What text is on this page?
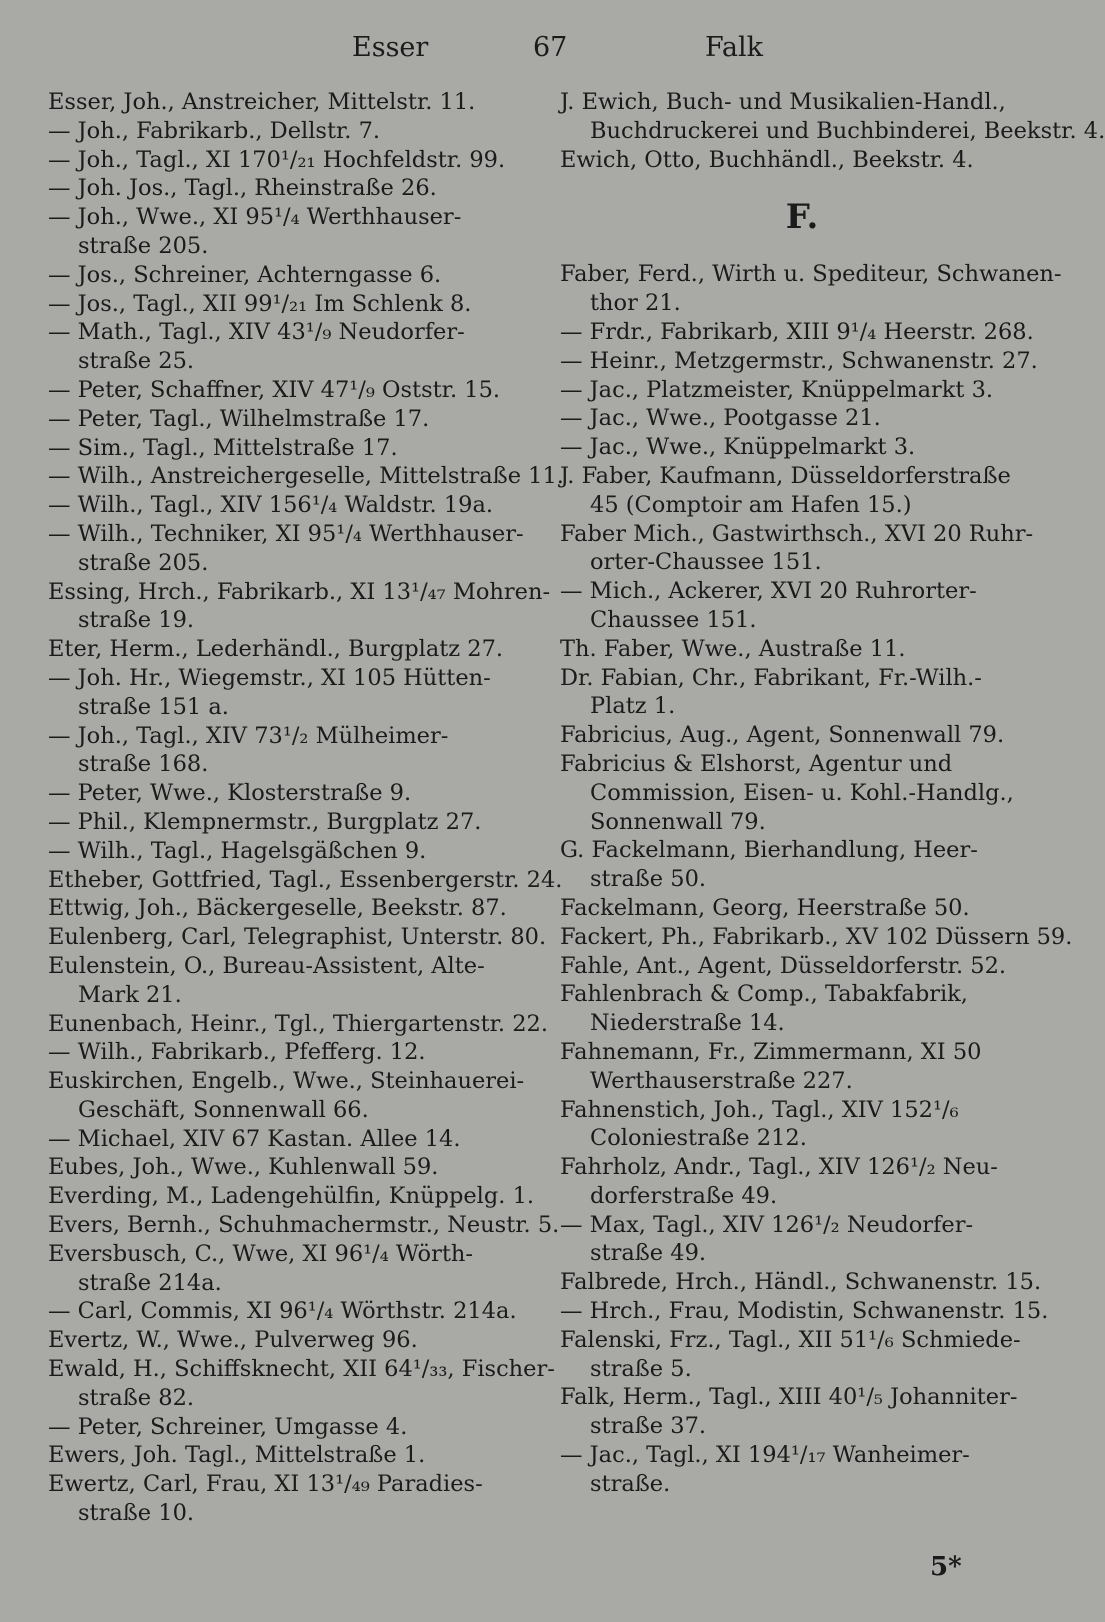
Esser	67	Falk
Esser, Joh., Anstreicher, Mittelstr. 11.
— Joh., Fabrikarb., Dellstr. 7.
— Joh., Tagl., XI 170¹/₂₁ Hochfeldstr. 99.
— Joh. Jos., Tagl., Rheinstraße 26.
— Joh., Wwe., XI 95¹/₄ Werthhauser-
straße 205.
— Jos., Schreiner, Achterngasse 6.
— Jos., Tagl., XII 99¹/₂₁ Im Schlenk 8.
— Math., Tagl., XIV 43¹/₉ Neudorfer-
straße 25.
— Peter, Schaffner, XIV 47¹/₉ Oststr. 15.
— Peter, Tagl., Wilhelmstraße 17.
— Sim., Tagl., Mittelstraße 17.
— Wilh., Anstreichergeselle, Mittelstraße 11.
— Wilh., Tagl., XIV 156¹/₄ Waldstr. 19a.
— Wilh., Techniker, XI 95¹/₄ Werthhauser-
straße 205.
Essing, Hrch., Fabrikarb., XI 13¹/₄₇ Mohren-
straße 19.
Eter, Herm., Lederhändl., Burgplatz 27.
— Joh. Hr., Wiegemstr., XI 105 Hütten-
straße 151 a.
— Joh., Tagl., XIV 73¹/₂ Mülheimer-
straße 168.
— Peter, Wwe., Klosterstraße 9.
— Phil., Klempnermstr., Burgplatz 27.
— Wilh., Tagl., Hagelsgäßchen 9.
Etheber, Gottfried, Tagl., Essenbergerstr. 24.
Ettwig, Joh., Bäckergeselle, Beekstr. 87.
Eulenberg, Carl, Telegraphist, Unterstr. 80.
Eulenstein, O., Bureau-Assistent, Alte-
Mark 21.
Eunenbach, Heinr., Tgl., Thiergartenstr. 22.
— Wilh., Fabrikarb., Pfefferg. 12.
Euskirchen, Engelb., Wwe., Steinhauerei-
Geschäft, Sonnenwall 66.
— Michael, XIV 67 Kastan. Allee 14.
Eubes, Joh., Wwe., Kuhlenwall 59.
Everding, M., Ladengehülfin, Knüppelg. 1.
Evers, Bernh., Schuhmachermstr., Neustr. 5.
Eversbusch, C., Wwe, XI 96¹/₄ Wörth-
straße 214a.
— Carl, Commis, XI 96¹/₄ Wörthstr. 214a.
Evertz, W., Wwe., Pulverweg 96.
Ewald, H., Schiffsknecht, XII 64¹/₃₃, Fischer-
straße 82.
— Peter, Schreiner, Umgasse 4.
Ewers, Joh. Tagl., Mittelstraße 1.
Ewertz, Carl, Frau, XI 13¹/₄₉ Paradies-
straße 10.
J. Ewich, Buch- und Musikalien-Handl.,
Buchdruckerei und Buchbinderei, Beekstr. 4.
Ewich, Otto, Buchhändl., Beekstr. 4.
F.
Faber, Ferd., Wirth u. Spediteur, Schwanen-
thor 21.
— Frdr., Fabrikarb, XIII 9¹/₄ Heerstr. 268.
— Heinr., Metzgermstr., Schwanenstr. 27.
— Jac., Platzmeister, Knüppelmarkt 3.
— Jac., Wwe., Pootgasse 21.
— Jac., Wwe., Knüppelmarkt 3.
J. Faber, Kaufmann, Düsseldorferstraße
45 (Comptoir am Hafen 15.)
Faber Mich., Gastwirthsch., XVI 20 Ruhr-
orter-Chaussee 151.
— Mich., Ackerer, XVI 20 Ruhrorter-
Chaussee 151.
Th. Faber, Wwe., Austraße 11.
Dr. Fabian, Chr., Fabrikant, Fr.-Wilh.-
Platz 1.
Fabricius, Aug., Agent, Sonnenwall 79.
Fabricius & Elshorst, Agentur und
Commission, Eisen- u. Kohl.-Handlg.,
Sonnenwall 79.
G. Fackelmann, Bierhandlung, Heer-
straße 50.
Fackelmann, Georg, Heerstraße 50.
Fackert, Ph., Fabrikarb., XV 102 Düssern 59.
Fahle, Ant., Agent, Düsseldorferstr. 52.
Fahlenbrach & Comp., Tabakfabrik,
Niederstraße 14.
Fahnemann, Fr., Zimmermann, XI 50
Werthauserstraße 227.
Fahnenstich, Joh., Tagl., XIV 152¹/₆
Coloniestraße 212.
Fahrholz, Andr., Tagl., XIV 126¹/₂ Neu-
dorferstraße 49.
— Max, Tagl., XIV 126¹/₂ Neudorfer-
straße 49.
Falbrede, Hrch., Händl., Schwanenstr. 15.
— Hrch., Frau, Modistin, Schwanenstr. 15.
Falenski, Frz., Tagl., XII 51¹/₆ Schmiede-
straße 5.
Falk, Herm., Tagl., XIII 40¹/₅ Johanniter-
straße 37.
— Jac., Tagl., XI 194¹/₁₇ Wanheimer-
straße.
5*
